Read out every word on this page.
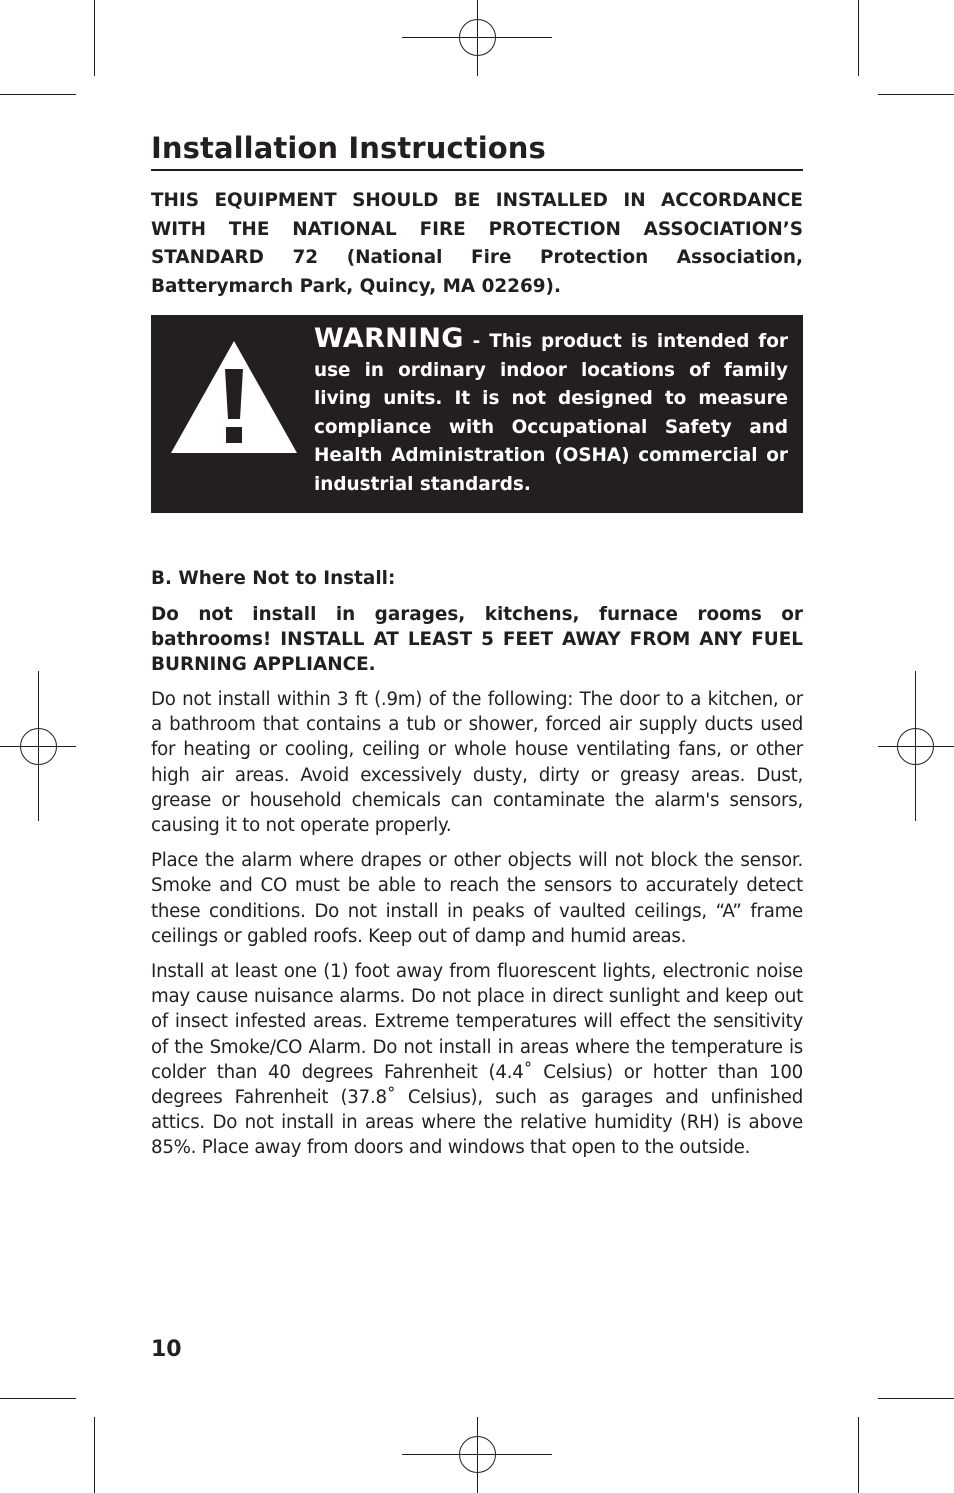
Installation Instructions

THIS EQUIPMENT SHOULD BE INSTALLED IN ACCORDANCE WITH THE NATIONAL FIRE PROTECTION ASSOCIATION’S STANDARD 72 (National Fire Protection Association, Batterymarch Park, Quincy, MA 02269).

WARNING - This product is intended for use in ordinary indoor locations of family living units. It is not designed to measure compliance with Occupational Safety and Health Administration (OSHA) commercial or industrial standards.
B. Where Not to Install:

Do not install in garages, kitchens, furnace rooms or bathrooms! INSTALL AT LEAST 5 FEET AWAY FROM ANY FUEL BURNING APPLIANCE.

Do not install within 3 ft (.9m) of the following: The door to a kitchen, or a bathroom that contains a tub or shower, forced air supply ducts used for heating or cooling, ceiling or whole house ventilating fans, or other high air areas. Avoid excessively dusty, dirty or greasy areas. Dust, grease or household chemicals can contaminate the alarm's sensors, causing it to not operate properly.

Place the alarm where drapes or other objects will not block the sensor. Smoke and CO must be able to reach the sensors to accurately detect these conditions. Do not install in peaks of vaulted ceilings, “A” frame ceilings or gabled roofs. Keep out of damp and humid areas.

Install at least one (1) foot away from fluorescent lights, electronic noise may cause nuisance alarms. Do not place in direct sunlight and keep out of insect infested areas. Extreme temperatures will effect the sensitivity of the Smoke/CO Alarm. Do not install in areas where the temperature is colder than 40 degrees Fahrenheit (4.4˚ Celsius) or hotter than 100 degrees Fahrenheit (37.8˚ Celsius), such as garages and unfinished attics. Do not install in areas where the relative humidity (RH) is above 85%. Place away from doors and windows that open to the outside.

10
